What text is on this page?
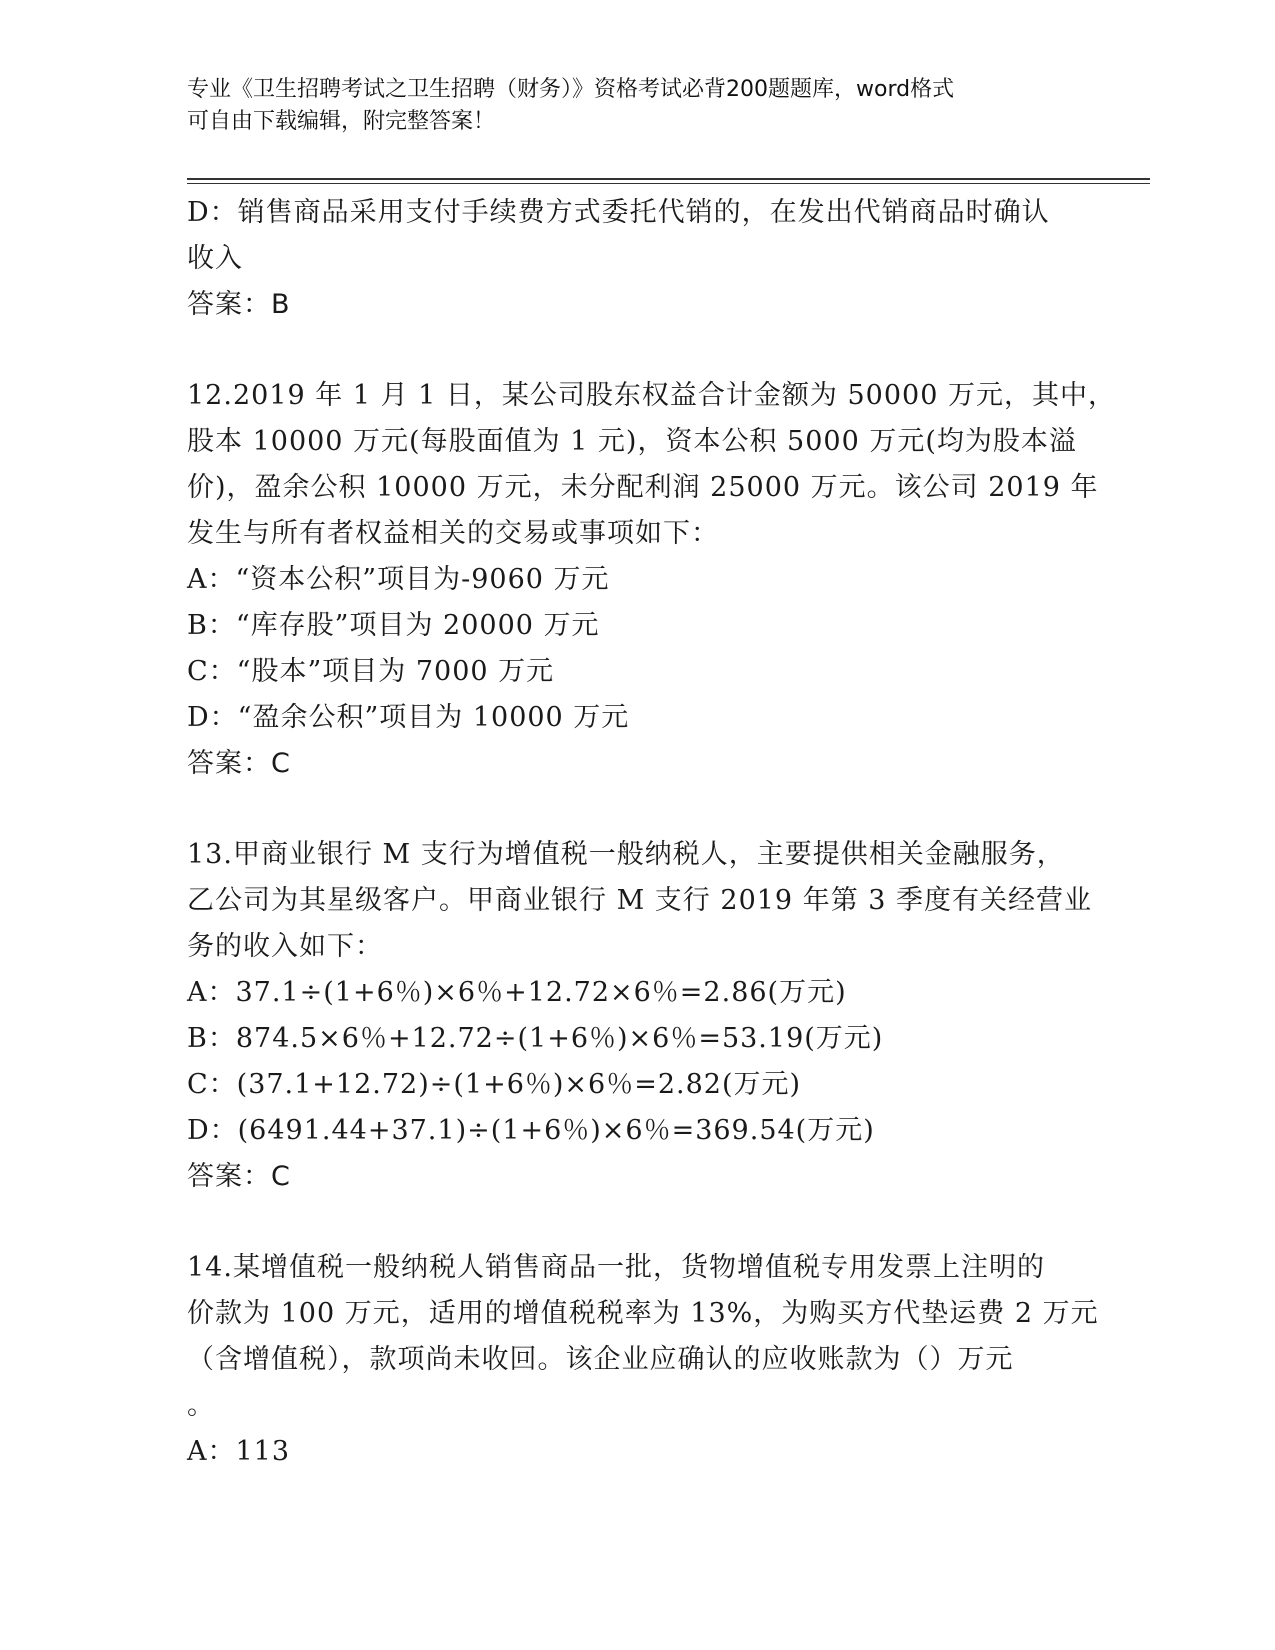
专业《卫生招聘考试之卫生招聘（财务）》资格考试必背200题题库，word格式
可自由下载编辑，附完整答案！
D：销售商品采用支付手续费方式委托代销的，在发出代销商品时确认
收入
答案：B
12.2019 年 1 月 1 日，某公司股东权益合计金额为 50000 万元，其中，
股本 10000 万元(每股面值为 1 元)，资本公积 5000 万元(均为股本溢
价)，盈余公积 10000 万元，未分配利润 25000 万元。该公司 2019 年
发生与所有者权益相关的交易或事项如下：
A：“资本公积”项目为-9060 万元
B：“库存股”项目为 20000 万元
C：“股本”项目为 7000 万元
D：“盈余公积”项目为 10000 万元
答案：C
13.甲商业银行 M 支行为增值税一般纳税人，主要提供相关金融服务，
乙公司为其星级客户。甲商业银行 M 支行 2019 年第 3 季度有关经营业
务的收入如下：
A：37.1÷(1+6％)×6％+12.72×6％=2.86(万元)
B：874.5×6％+12.72÷(1+6％)×6％=53.19(万元)
C：(37.1+12.72)÷(1+6％)×6％=2.82(万元)
D：(6491.44+37.1)÷(1+6％)×6％=369.54(万元)
答案：C
14.某增值税一般纳税人销售商品一批，货物增值税专用发票上注明的
价款为 100 万元，适用的增值税税率为 13%，为购买方代垫运费 2 万元
（含增值税），款项尚未收回。该企业应确认的应收账款为（）万元
。
A：113
